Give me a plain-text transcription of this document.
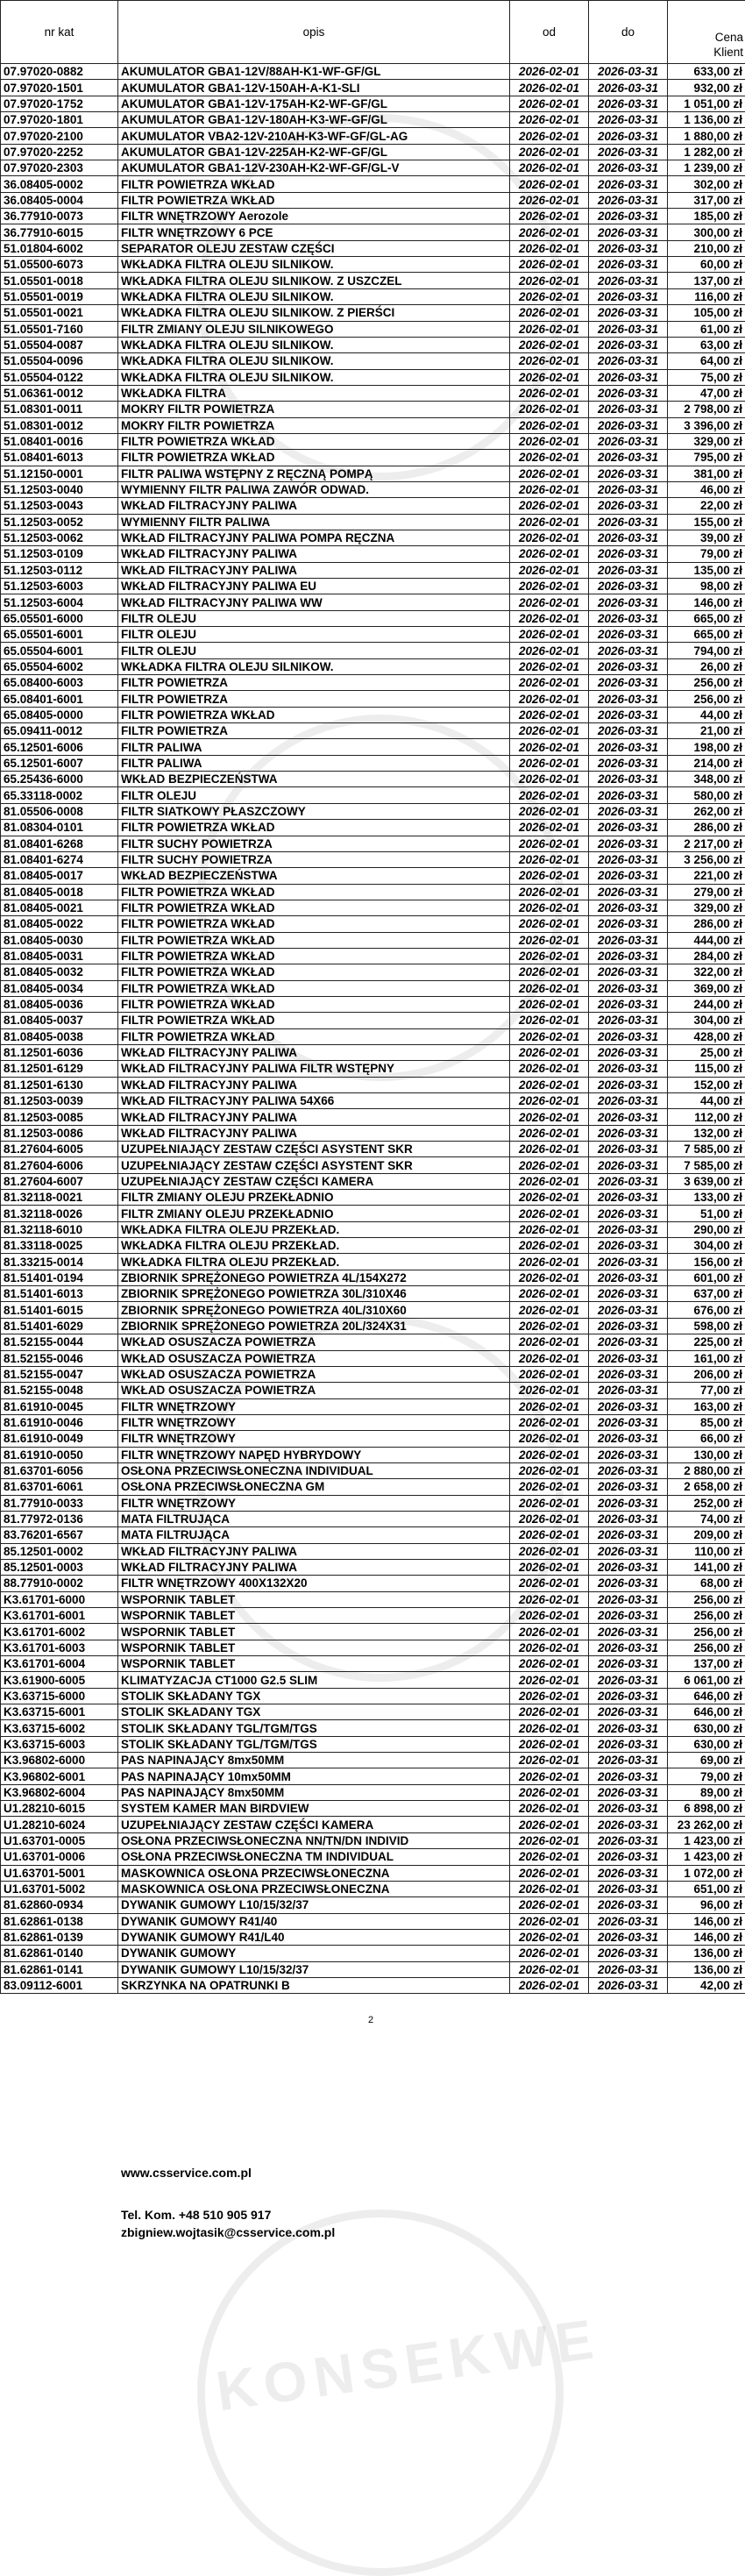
nr kat	opis	od	do	Cena
Klient
07.97020-0882	AKUMULATOR GBA1-12V/88AH-K1-WF-GF/GL	2026-02-01	2026-03-31	633,00 zł
07.97020-1501	AKUMULATOR GBA1-12V-150AH-A-K1-SLI	2026-02-01	2026-03-31	932,00 zł
07.97020-1752	AKUMULATOR GBA1-12V-175AH-K2-WF-GF/GL	2026-02-01	2026-03-31	1 051,00 zł
07.97020-1801	AKUMULATOR GBA1-12V-180AH-K3-WF-GF/GL	2026-02-01	2026-03-31	1 136,00 zł
07.97020-2100	AKUMULATOR VBA2-12V-210AH-K3-WF-GF/GL-AG	2026-02-01	2026-03-31	1 880,00 zł
07.97020-2252	AKUMULATOR GBA1-12V-225AH-K2-WF-GF/GL	2026-02-01	2026-03-31	1 282,00 zł
07.97020-2303	AKUMULATOR GBA1-12V-230AH-K2-WF-GF/GL-V	2026-02-01	2026-03-31	1 239,00 zł
36.08405-0002	FILTR POWIETRZA WKŁAD	2026-02-01	2026-03-31	302,00 zł
36.08405-0004	FILTR POWIETRZA WKŁAD	2026-02-01	2026-03-31	317,00 zł
36.77910-0073	FILTR WNĘTRZOWY Aerozole	2026-02-01	2026-03-31	185,00 zł
36.77910-6015	FILTR WNĘTRZOWY 6 PCE	2026-02-01	2026-03-31	300,00 zł
51.01804-6002	SEPARATOR OLEJU ZESTAW CZĘŚCI	2026-02-01	2026-03-31	210,00 zł
51.05500-6073	WKŁADKA FILTRA OLEJU SILNIKOW.	2026-02-01	2026-03-31	60,00 zł
51.05501-0018	WKŁADKA FILTRA OLEJU SILNIKOW. Z USZCZEL	2026-02-01	2026-03-31	137,00 zł
51.05501-0019	WKŁADKA FILTRA OLEJU SILNIKOW.	2026-02-01	2026-03-31	116,00 zł
51.05501-0021	WKŁADKA FILTRA OLEJU SILNIKOW. Z PIERŚCI	2026-02-01	2026-03-31	105,00 zł
51.05501-7160	FILTR ZMIANY OLEJU SILNIKOWEGO	2026-02-01	2026-03-31	61,00 zł
51.05504-0087	WKŁADKA FILTRA OLEJU SILNIKOW.	2026-02-01	2026-03-31	63,00 zł
51.05504-0096	WKŁADKA FILTRA OLEJU SILNIKOW.	2026-02-01	2026-03-31	64,00 zł
51.05504-0122	WKŁADKA FILTRA OLEJU SILNIKOW.	2026-02-01	2026-03-31	75,00 zł
51.06361-0012	WKŁADKA FILTRA	2026-02-01	2026-03-31	47,00 zł
51.08301-0011	MOKRY FILTR POWIETRZA	2026-02-01	2026-03-31	2 798,00 zł
51.08301-0012	MOKRY FILTR POWIETRZA	2026-02-01	2026-03-31	3 396,00 zł
51.08401-0016	FILTR POWIETRZA WKŁAD	2026-02-01	2026-03-31	329,00 zł
51.08401-6013	FILTR POWIETRZA WKŁAD	2026-02-01	2026-03-31	795,00 zł
51.12150-0001	FILTR PALIWA WSTĘPNY Z RĘCZNĄ POMPĄ	2026-02-01	2026-03-31	381,00 zł
51.12503-0040	WYMIENNY FILTR PALIWA ZAWÓR ODWAD.	2026-02-01	2026-03-31	46,00 zł
51.12503-0043	WKŁAD FILTRACYJNY PALIWA	2026-02-01	2026-03-31	22,00 zł
51.12503-0052	WYMIENNY FILTR PALIWA	2026-02-01	2026-03-31	155,00 zł
51.12503-0062	WKŁAD FILTRACYJNY PALIWA POMPA RĘCZNA	2026-02-01	2026-03-31	39,00 zł
51.12503-0109	WKŁAD FILTRACYJNY PALIWA	2026-02-01	2026-03-31	79,00 zł
51.12503-0112	WKŁAD FILTRACYJNY PALIWA	2026-02-01	2026-03-31	135,00 zł
51.12503-6003	WKŁAD FILTRACYJNY PALIWA EU	2026-02-01	2026-03-31	98,00 zł
51.12503-6004	WKŁAD FILTRACYJNY PALIWA WW	2026-02-01	2026-03-31	146,00 zł
65.05501-6000	FILTR OLEJU	2026-02-01	2026-03-31	665,00 zł
65.05501-6001	FILTR OLEJU	2026-02-01	2026-03-31	665,00 zł
65.05504-6001	FILTR OLEJU	2026-02-01	2026-03-31	794,00 zł
65.05504-6002	WKŁADKA FILTRA OLEJU SILNIKOW.	2026-02-01	2026-03-31	26,00 zł
65.08400-6003	FILTR POWIETRZA	2026-02-01	2026-03-31	256,00 zł
65.08401-6001	FILTR POWIETRZA	2026-02-01	2026-03-31	256,00 zł
65.08405-0000	FILTR POWIETRZA WKŁAD	2026-02-01	2026-03-31	44,00 zł
65.09411-0012	FILTR POWIETRZA	2026-02-01	2026-03-31	21,00 zł
65.12501-6006	FILTR PALIWA	2026-02-01	2026-03-31	198,00 zł
65.12501-6007	FILTR PALIWA	2026-02-01	2026-03-31	214,00 zł
65.25436-6000	WKŁAD BEZPIECZEŃSTWA	2026-02-01	2026-03-31	348,00 zł
65.33118-0002	FILTR OLEJU	2026-02-01	2026-03-31	580,00 zł
81.05506-0008	FILTR SIATKOWY PŁASZCZOWY	2026-02-01	2026-03-31	262,00 zł
81.08304-0101	FILTR POWIETRZA WKŁAD	2026-02-01	2026-03-31	286,00 zł
81.08401-6268	FILTR SUCHY POWIETRZA	2026-02-01	2026-03-31	2 217,00 zł
81.08401-6274	FILTR SUCHY POWIETRZA	2026-02-01	2026-03-31	3 256,00 zł
81.08405-0017	WKŁAD BEZPIECZEŃSTWA	2026-02-01	2026-03-31	221,00 zł
81.08405-0018	FILTR POWIETRZA WKŁAD	2026-02-01	2026-03-31	279,00 zł
81.08405-0021	FILTR POWIETRZA WKŁAD	2026-02-01	2026-03-31	329,00 zł
81.08405-0022	FILTR POWIETRZA WKŁAD	2026-02-01	2026-03-31	286,00 zł
81.08405-0030	FILTR POWIETRZA WKŁAD	2026-02-01	2026-03-31	444,00 zł
81.08405-0031	FILTR POWIETRZA WKŁAD	2026-02-01	2026-03-31	284,00 zł
81.08405-0032	FILTR POWIETRZA WKŁAD	2026-02-01	2026-03-31	322,00 zł
81.08405-0034	FILTR POWIETRZA WKŁAD	2026-02-01	2026-03-31	369,00 zł
81.08405-0036	FILTR POWIETRZA WKŁAD	2026-02-01	2026-03-31	244,00 zł
81.08405-0037	FILTR POWIETRZA WKŁAD	2026-02-01	2026-03-31	304,00 zł
81.08405-0038	FILTR POWIETRZA WKŁAD	2026-02-01	2026-03-31	428,00 zł
81.12501-6036	WKŁAD FILTRACYJNY PALIWA	2026-02-01	2026-03-31	25,00 zł
81.12501-6129	WKŁAD FILTRACYJNY PALIWA FILTR WSTĘPNY	2026-02-01	2026-03-31	115,00 zł
81.12501-6130	WKŁAD FILTRACYJNY PALIWA	2026-02-01	2026-03-31	152,00 zł
81.12503-0039	WKŁAD FILTRACYJNY PALIWA 54X66	2026-02-01	2026-03-31	44,00 zł
81.12503-0085	WKŁAD FILTRACYJNY PALIWA	2026-02-01	2026-03-31	112,00 zł
81.12503-0086	WKŁAD FILTRACYJNY PALIWA	2026-02-01	2026-03-31	132,00 zł
81.27604-6005	UZUPEŁNIAJĄCY ZESTAW CZĘŚCI ASYSTENT SKR	2026-02-01	2026-03-31	7 585,00 zł
81.27604-6006	UZUPEŁNIAJĄCY ZESTAW CZĘŚCI ASYSTENT SKR	2026-02-01	2026-03-31	7 585,00 zł
81.27604-6007	UZUPEŁNIAJĄCY ZESTAW CZĘŚCI KAMERA	2026-02-01	2026-03-31	3 639,00 zł
81.32118-0021	FILTR ZMIANY OLEJU PRZEKŁADNIO	2026-02-01	2026-03-31	133,00 zł
81.32118-0026	FILTR ZMIANY OLEJU PRZEKŁADNIO	2026-02-01	2026-03-31	51,00 zł
81.32118-6010	WKŁADKA FILTRA OLEJU PRZEKŁAD.	2026-02-01	2026-03-31	290,00 zł
81.33118-0025	WKŁADKA FILTRA OLEJU PRZEKŁAD.	2026-02-01	2026-03-31	304,00 zł
81.33215-0014	WKŁADKA FILTRA OLEJU PRZEKŁAD.	2026-02-01	2026-03-31	156,00 zł
81.51401-0194	ZBIORNIK SPRĘŻONEGO POWIETRZA 4L/154X272	2026-02-01	2026-03-31	601,00 zł
81.51401-6013	ZBIORNIK SPRĘŻONEGO POWIETRZA 30L/310X46	2026-02-01	2026-03-31	637,00 zł
81.51401-6015	ZBIORNIK SPRĘŻONEGO POWIETRZA 40L/310X60	2026-02-01	2026-03-31	676,00 zł
81.51401-6029	ZBIORNIK SPRĘŻONEGO POWIETRZA 20L/324X31	2026-02-01	2026-03-31	598,00 zł
81.52155-0044	WKŁAD OSUSZACZA POWIETRZA	2026-02-01	2026-03-31	225,00 zł
81.52155-0046	WKŁAD OSUSZACZA POWIETRZA	2026-02-01	2026-03-31	161,00 zł
81.52155-0047	WKŁAD OSUSZACZA POWIETRZA	2026-02-01	2026-03-31	206,00 zł
81.52155-0048	WKŁAD OSUSZACZA POWIETRZA	2026-02-01	2026-03-31	77,00 zł
81.61910-0045	FILTR WNĘTRZOWY	2026-02-01	2026-03-31	163,00 zł
81.61910-0046	FILTR WNĘTRZOWY	2026-02-01	2026-03-31	85,00 zł
81.61910-0049	FILTR WNĘTRZOWY	2026-02-01	2026-03-31	66,00 zł
81.61910-0050	FILTR WNĘTRZOWY NAPĘD HYBRYDOWY	2026-02-01	2026-03-31	130,00 zł
81.63701-6056	OSŁONA PRZECIWSŁONECZNA INDIVIDUAL	2026-02-01	2026-03-31	2 880,00 zł
81.63701-6061	OSŁONA PRZECIWSŁONECZNA GM	2026-02-01	2026-03-31	2 658,00 zł
81.77910-0033	FILTR WNĘTRZOWY	2026-02-01	2026-03-31	252,00 zł
81.77972-0136	MATA FILTRUJĄCA	2026-02-01	2026-03-31	74,00 zł
83.76201-6567	MATA FILTRUJĄCA	2026-02-01	2026-03-31	209,00 zł
85.12501-0002	WKŁAD FILTRACYJNY PALIWA	2026-02-01	2026-03-31	110,00 zł
85.12501-0003	WKŁAD FILTRACYJNY PALIWA	2026-02-01	2026-03-31	141,00 zł
88.77910-0002	FILTR WNĘTRZOWY 400X132X20	2026-02-01	2026-03-31	68,00 zł
K3.61701-6000	WSPORNIK TABLET	2026-02-01	2026-03-31	256,00 zł
K3.61701-6001	WSPORNIK TABLET	2026-02-01	2026-03-31	256,00 zł
K3.61701-6002	WSPORNIK TABLET	2026-02-01	2026-03-31	256,00 zł
K3.61701-6003	WSPORNIK TABLET	2026-02-01	2026-03-31	256,00 zł
K3.61701-6004	WSPORNIK TABLET	2026-02-01	2026-03-31	137,00 zł
K3.61900-6005	KLIMATYZACJA CT1000 G2.5 SLIM	2026-02-01	2026-03-31	6 061,00 zł
K3.63715-6000	STOLIK SKŁADANY TGX	2026-02-01	2026-03-31	646,00 zł
K3.63715-6001	STOLIK SKŁADANY TGX	2026-02-01	2026-03-31	646,00 zł
K3.63715-6002	STOLIK SKŁADANY TGL/TGM/TGS	2026-02-01	2026-03-31	630,00 zł
K3.63715-6003	STOLIK SKŁADANY TGL/TGM/TGS	2026-02-01	2026-03-31	630,00 zł
K3.96802-6000	PAS NAPINAJĄCY 8mx50MM	2026-02-01	2026-03-31	69,00 zł
K3.96802-6001	PAS NAPINAJĄCY 10mx50MM	2026-02-01	2026-03-31	79,00 zł
K3.96802-6004	PAS NAPINAJĄCY 8mx50MM	2026-02-01	2026-03-31	89,00 zł
U1.28210-6015	SYSTEM KAMER MAN BIRDVIEW	2026-02-01	2026-03-31	6 898,00 zł
U1.28210-6024	UZUPEŁNIAJĄCY ZESTAW CZĘŚCI KAMERA	2026-02-01	2026-03-31	23 262,00 zł
U1.63701-0005	OSŁONA PRZECIWSŁONECZNA NN/TN/DN INDIVID	2026-02-01	2026-03-31	1 423,00 zł
U1.63701-0006	OSŁONA PRZECIWSŁONECZNA TM INDIVIDUAL	2026-02-01	2026-03-31	1 423,00 zł
U1.63701-5001	MASKOWNICA OSŁONA PRZECIWSŁONECZNA	2026-02-01	2026-03-31	1 072,00 zł
U1.63701-5002	MASKOWNICA OSŁONA PRZECIWSŁONECZNA	2026-02-01	2026-03-31	651,00 zł
81.62860-0934	DYWANIK GUMOWY L10/15/32/37	2026-02-01	2026-03-31	96,00 zł
81.62861-0138	DYWANIK GUMOWY R41/40	2026-02-01	2026-03-31	146,00 zł
81.62861-0139	DYWANIK GUMOWY R41/L40	2026-02-01	2026-03-31	146,00 zł
81.62861-0140	DYWANIK GUMOWY	2026-02-01	2026-03-31	136,00 zł
81.62861-0141	DYWANIK GUMOWY L10/15/32/37	2026-02-01	2026-03-31	136,00 zł
83.09112-6001	SKRZYNKA NA OPATRUNKI B	2026-02-01	2026-03-31	42,00 zł
2
www.csservice.com.pl
Tel. Kom. +48 510 905 917
zbigniew.wojtasik@csservice.com.pl
KONSEKWE
